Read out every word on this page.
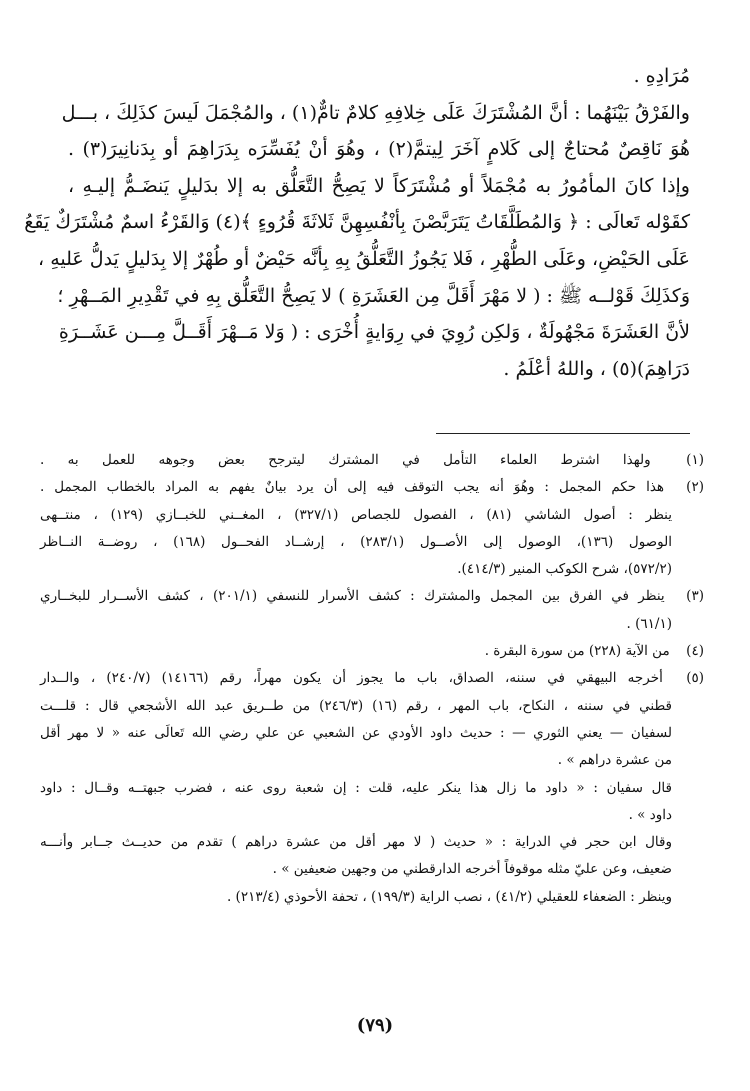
مُرَادِهِ .
والفَرْقُ بَيْنَهُما : أنَّ المُشْتَرَكَ عَلَى خِلافِهِ كلامٌ تامٌّ(١) ، والمُجْمَلَ لَيسَ كذَلِكَ ، بـــل
هُوَ نَاقِصٌ مُحتاجٌ إلى كَلامٍ آخَرَ لِيتمَّ(٢) ، وهُوَ أنْ يُفَسِّرَه بِدَرَاهِمَ أو بِدَنانِيرَ(٣) .
وإذا كانَ المأمُورُ به مُجْمَلاً أو مُشْتَرَكاً لا يَصِحُّ التَّعَلُّق به إلا بدَليلٍ يَنضَـمُّ إليـهِ ،
كقَوْله تَعالَى : ﴿ وَالمُطَلَّقَاتُ يَتَرَبَّصْنَ بِأنْفُسِهِنَّ ثَلاثَةَ قُرُوءٍ ﴾(٤) وَالقَرْءُ اسمٌ مُشْتَرَكٌ يَقَعُ
عَلَى الحَيْضِ، وعَلَى الطُّهْرِ ، فَلا يَجُوزُ التَّعَلُّقُ بِهِ بِأنَّه حَيْضٌ أو طُهْرٌ إلا بِدَليلٍ يَدلُّ عَليهِ ،
وَكذَلِكَ قَوْلــه ﷺ : ( لا مَهْرَ أَقَلَّ مِن العَشَرَةِ ) لا يَصِحُّ التَّعَلُّق بِهِ في تَقْدِيرِ المَــهْرِ ؛
لأنَّ العَشَرَةَ مَجْهُولَةٌ ، وَلكِن رُوِيَ في رِوَايةٍ أُخْرَى : ( وَلا مَــهْرَ أَقَــلَّ مِـــن عَشَــرَةِ
دَرَاهِمَ)(٥) ، واللهُ أعْلَمُ .
(١) ولهذا اشترط العلماء التأمل في المشترك ليترجح بعض وجوهه للعمل به .
(٢) هذا حكم المجمل : وهُوَ أنه يجب التوقف فيه إلى أن يرد بيانٌ يفهم به المراد بالخطاب المجمل .
ينظر : أصول الشاشي (٨١) ، الفصول للجصاص (٣٢٧/١) ، المغــني للخبــازي (١٢٩) ، منتــهى
الوصول (١٣٦)، الوصول إلى الأصــول (٢٨٣/١) ، إرشــاد الفحــول (١٦٨) ، روضــة النــاظر
(٥٧٢/٢)، شرح الكوكب المنير (٤١٤/٣).
(٣) ينظر في الفرق بين المجمل والمشترك : كشف الأسرار للنسفي (٢٠١/١) ، كشف الأســرار للبخــاري
(٦١/١) .
(٤) من الآية (٢٢٨) من سورة البقرة .
(٥) أخرجه البيهقي في سننه، الصداق، باب ما يجوز أن يكون مهراً، رقم (١٤١٦٦) (٢٤٠/٧) ، والــدار
قطني في سننه ، النكاح، باب المهر ، رقم (١٦) (٢٤٦/٣) من طــريق عبد الله الأشجعي قال : قلـــت
لسفيان — يعني الثوري — : حديث داود الأودي عن الشعبي عن علي رضي الله تَعالَى عنه « لا مهر أقل
من عشرة دراهم » .
قال سفيان : « داود ما زال هذا ينكر عليه، قلت : إن شعبة روى عنه ، فضرب جبهتــه وقــال : داود
داود » .
وقال ابن حجر في الدراية : « حديث ( لا مهر أقل من عشرة دراهم ) تقدم من حديــث جــابر وأنـــه
ضعيف، وعن عليّ مثله موقوفاً أخرجه الدارقطني من وجهين ضعيفين » .
وينظر : الضعفاء للعقيلي (٤١/٢) ، نصب الراية (١٩٩/٣) ، تحفة الأحوذي (٢١٣/٤) .
(٧٩)
